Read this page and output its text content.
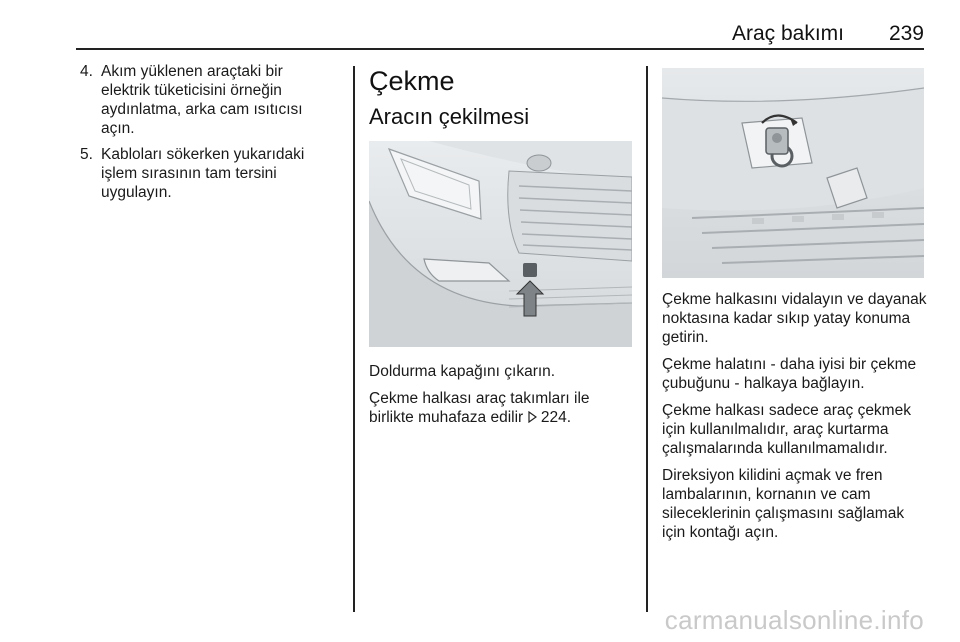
Araç bakımı 239
4. Akım yüklenen araçtaki bir elektrik tüketicisini örneğin aydınlatma, arka cam ısıtıcısı açın.
5. Kabloları sökerken yukarıdaki işlem sırasının tam tersini uygulayın.
Çekme
Aracın çekilmesi

Doldurma kapağını çıkarın.

Çekme halkası araç takımları ile birlikte muhafaza edilir 224.

Çekme halkasını vidalayın ve dayanak noktasına kadar sıkıp yatay konuma getirin.

Çekme halatını - daha iyisi bir çekme çubuğunu - halkaya bağlayın.

Çekme halkası sadece araç çekmek için kullanılmalıdır, araç kurtarma çalışmalarında kullanılmamalıdır.

Direksiyon kilidini açmak ve fren lambalarının, kornanın ve cam sileceklerinin çalışmasını sağlamak için kontağı açın.

carmanualsonline.info
